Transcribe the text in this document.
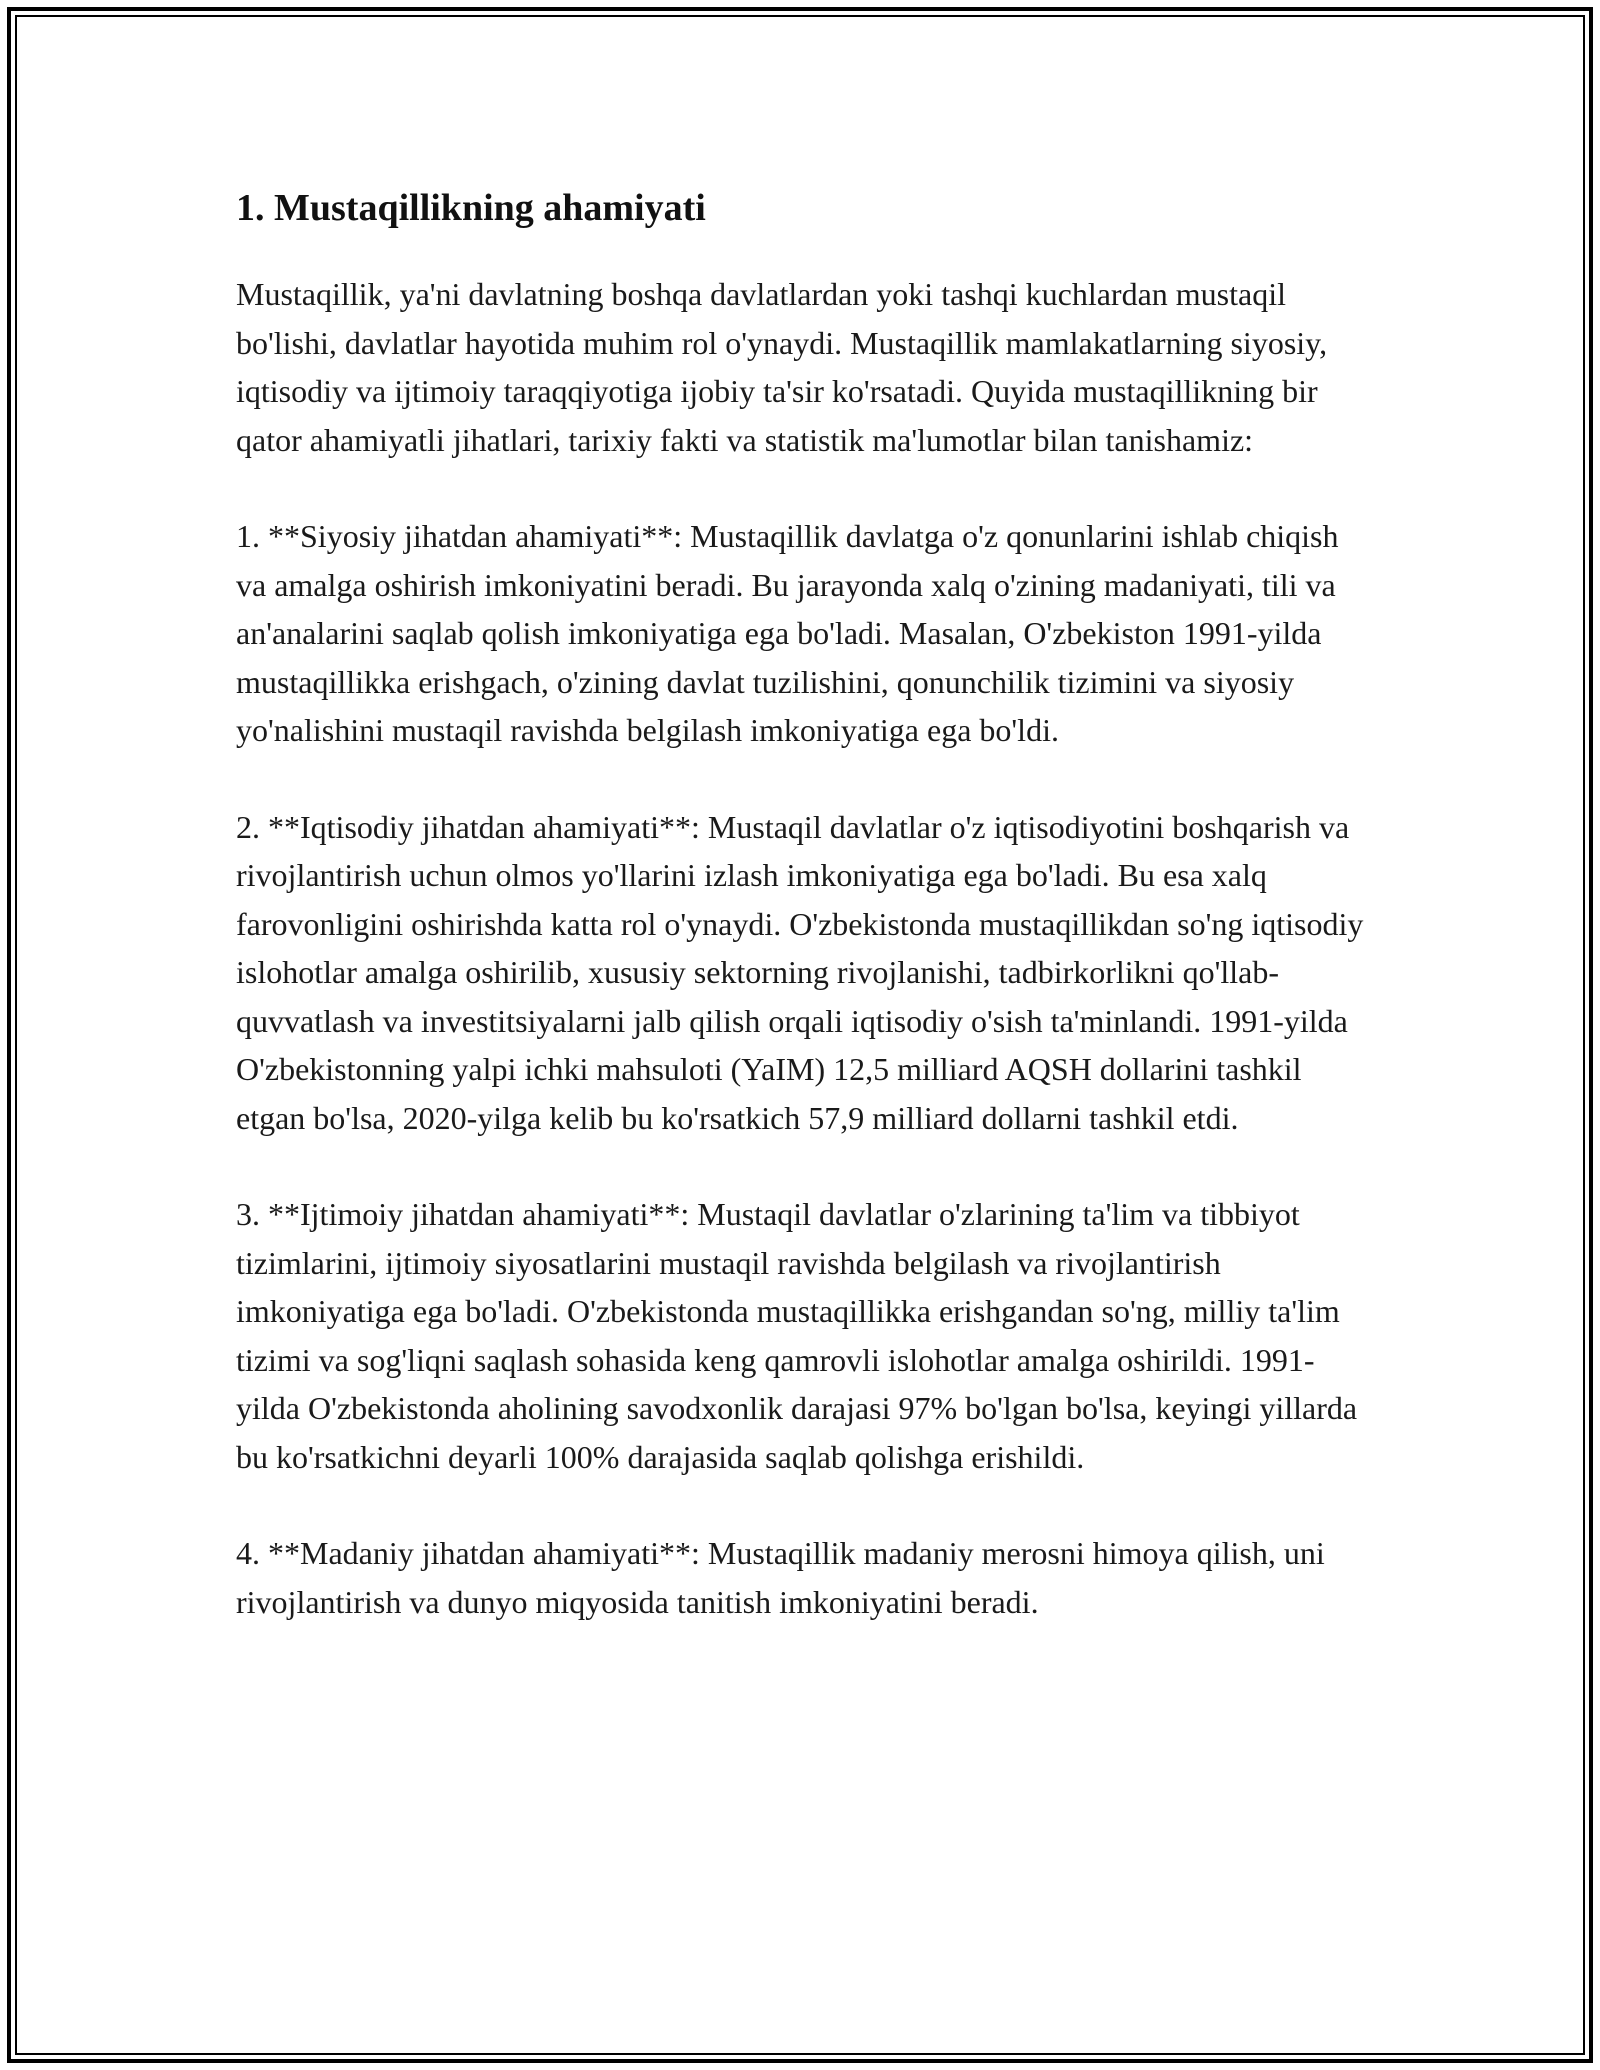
1. Mustaqillikning ahamiyati

Mustaqillik, ya'ni davlatning boshqa davlatlardan yoki tashqi kuchlardan mustaqil bo'lishi, davlatlar hayotida muhim rol o'ynaydi. Mustaqillik mamlakatlarning siyosiy, iqtisodiy va ijtimoiy taraqqiyotiga ijobiy ta'sir ko'rsatadi. Quyida mustaqillikning bir qator ahamiyatli jihatlari, tarixiy fakti va statistik ma'lumotlar bilan tanishamiz:

1. **Siyosiy jihatdan ahamiyati**: Mustaqillik davlatga o'z qonunlarini ishlab chiqish va amalga oshirish imkoniyatini beradi. Bu jarayonda xalq o'zining madaniyati, tili va an'analarini saqlab qolish imkoniyatiga ega bo'ladi. Masalan, O'zbekiston 1991-yilda mustaqillikka erishgach, o'zining davlat tuzilishini, qonunchilik tizimini va siyosiy yo'nalishini mustaqil ravishda belgilash imkoniyatiga ega bo'ldi.

2. **Iqtisodiy jihatdan ahamiyati**: Mustaqil davlatlar o'z iqtisodiyotini boshqarish va rivojlantirish uchun olmos yo'llarini izlash imkoniyatiga ega bo'ladi. Bu esa xalq farovonligini oshirishda katta rol o'ynaydi. O'zbekistonda mustaqillikdan so'ng iqtisodiy islohotlar amalga oshirilib, xususiy sektorning rivojlanishi, tadbirkorlikni qo'llab-quvvatlash va investitsiyalarni jalb qilish orqali iqtisodiy o'sish ta'minlandi. 1991-yilda O'zbekistonning yalpi ichki mahsuloti (YaIM) 12,5 milliard AQSH dollarini tashkil etgan bo'lsa, 2020-yilga kelib bu ko'rsatkich 57,9 milliard dollarni tashkil etdi.

3. **Ijtimoiy jihatdan ahamiyati**: Mustaqil davlatlar o'zlarining ta'lim va tibbiyot tizimlarini, ijtimoiy siyosatlarini mustaqil ravishda belgilash va rivojlantirish imkoniyatiga ega bo'ladi. O'zbekistonda mustaqillikka erishgandan so'ng, milliy ta'lim tizimi va sog'liqni saqlash sohasida keng qamrovli islohotlar amalga oshirildi. 1991-yilda O'zbekistonda aholining savodxonlik darajasi 97% bo'lgan bo'lsa, keyingi yillarda bu ko'rsatkichni deyarli 100% darajasida saqlab qolishga erishildi.

4. **Madaniy jihatdan ahamiyati**: Mustaqillik madaniy merosni himoya qilish, uni rivojlantirish va dunyo miqyosida tanitish imkoniyatini beradi.
